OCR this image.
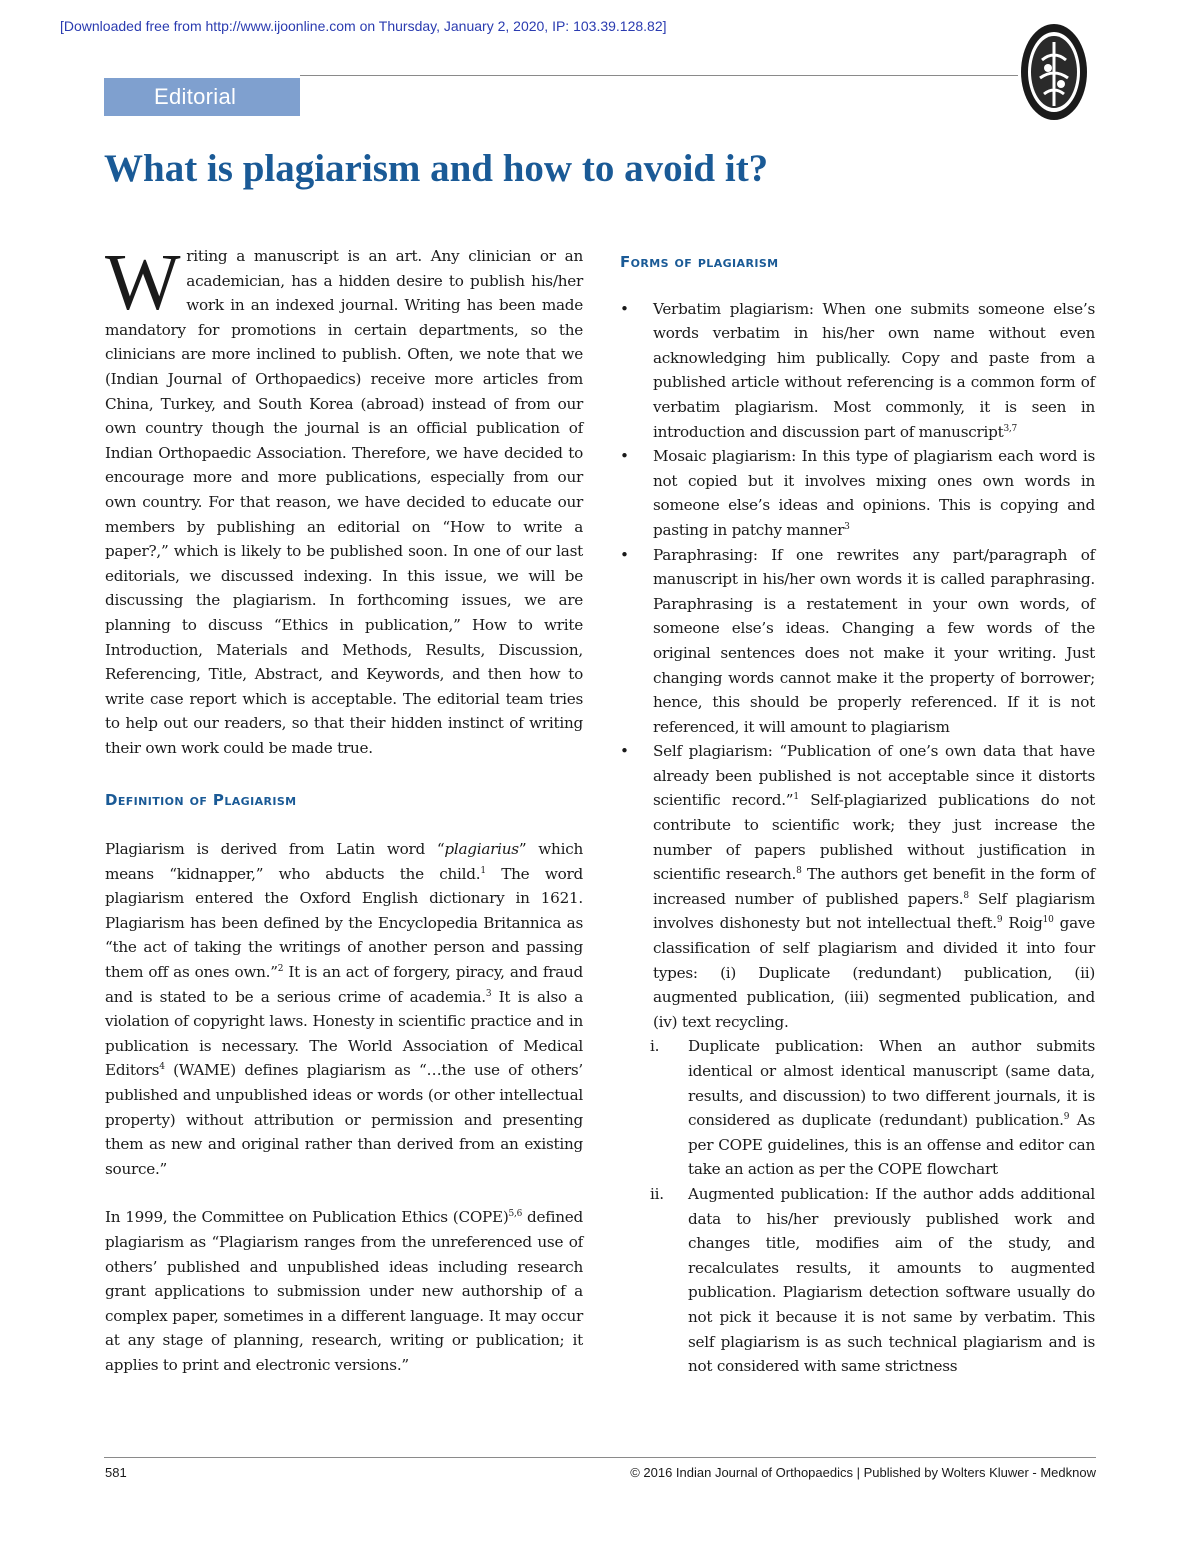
[Downloaded free from http://www.ijoonline.com on Thursday, January 2, 2020, IP: 103.39.128.82]
Editorial
What is plagiarism and how to avoid it?

Writing a manuscript is an art. Any clinician or an academician, has a hidden desire to publish his/her work in an indexed journal. Writing has been made mandatory for promotions in certain departments, so the clinicians are more inclined to publish. Often, we note that we (Indian Journal of Orthopaedics) receive more articles from China, Turkey, and South Korea (abroad) instead of from our own country though the journal is an official publication of Indian Orthopaedic Association. Therefore, we have decided to encourage more and more publications, especially from our own country. For that reason, we have decided to educate our members by publishing an editorial on “How to write a paper?,” which is likely to be published soon. In one of our last editorials, we discussed indexing. In this issue, we will be discussing the plagiarism. In forthcoming issues, we are planning to discuss “Ethics in publication,” How to write Introduction, Materials and Methods, Results, Discussion, Referencing, Title, Abstract, and Keywords, and then how to write case report which is acceptable. The editorial team tries to help out our readers, so that their hidden instinct of writing their own work could be made true.

Definition of Plagiarism

Plagiarism is derived from Latin word “plagiarius” which means “kidnapper,” who abducts the child.$^1$ The word plagiarism entered the Oxford English dictionary in 1621. Plagiarism has been defined by the Encyclopedia Britannica as “the act of taking the writings of another person and passing them off as ones own.”$^2$ It is an act of forgery, piracy, and fraud and is stated to be a serious crime of academia.$^3$ It is also a violation of copyright laws. Honesty in scientific practice and in publication is necessary. The World Association of Medical Editors$^4$ (WAME) defines plagiarism as “…the use of others’ published and unpublished ideas or words (or other intellectual property) without attribution or permission and presenting them as new and original rather than derived from an existing source.”

In 1999, the Committee on Publication Ethics (COPE)$^{5,6}$ defined plagiarism as “Plagiarism ranges from the unreferenced use of others’ published and unpublished ideas including research grant applications to submission under new authorship of a complex paper, sometimes in a different language. It may occur at any stage of planning, research, writing or publication; it applies to print and electronic versions.”

Forms of plagiarism
• Verbatim plagiarism: When one submits someone else’s words verbatim in his/her own name without even acknowledging him publically. Copy and paste from a published article without referencing is a common form of verbatim plagiarism. Most commonly, it is seen in introduction and discussion part of manuscript$^{3,7}$
• Mosaic plagiarism: In this type of plagiarism each word is not copied but it involves mixing ones own words in someone else’s ideas and opinions. This is copying and pasting in patchy manner$^3$
• Paraphrasing: If one rewrites any part/paragraph of manuscript in his/her own words it is called paraphrasing. Paraphrasing is a restatement in your own words, of someone else’s ideas. Changing a few words of the original sentences does not make it your writing. Just changing words cannot make it the property of borrower; hence, this should be properly referenced. If it is not referenced, it will amount to plagiarism
• Self plagiarism: “Publication of one’s own data that have already been published is not acceptable since it distorts scientific record.”$^1$ Self-plagiarized publications do not contribute to scientific work; they just increase the number of papers published without justification in scientific research.$^8$ The authors get benefit in the form of increased number of published papers.$^8$ Self plagiarism involves dishonesty but not intellectual theft.$^9$ Roig$^{10}$ gave classification of self plagiarism and divided it into four types: (i) Duplicate (redundant) publication, (ii) augmented publication, (iii) segmented publication, and (iv) text recycling.
i. Duplicate publication: When an author submits identical or almost identical manuscript (same data, results, and discussion) to two different journals, it is considered as duplicate (redundant) publication.$^9$ As per COPE guidelines, this is an offense and editor can take an action as per the COPE flowchart
ii. Augmented publication: If the author adds additional data to his/her previously published work and changes title, modifies aim of the study, and recalculates results, it amounts to augmented publication. Plagiarism detection software usually do not pick it because it is not same by verbatim. This self plagiarism is as such technical plagiarism and is not considered with same strictness
581	© 2016 Indian Journal of Orthopaedics | Published by Wolters Kluwer - Medknow
